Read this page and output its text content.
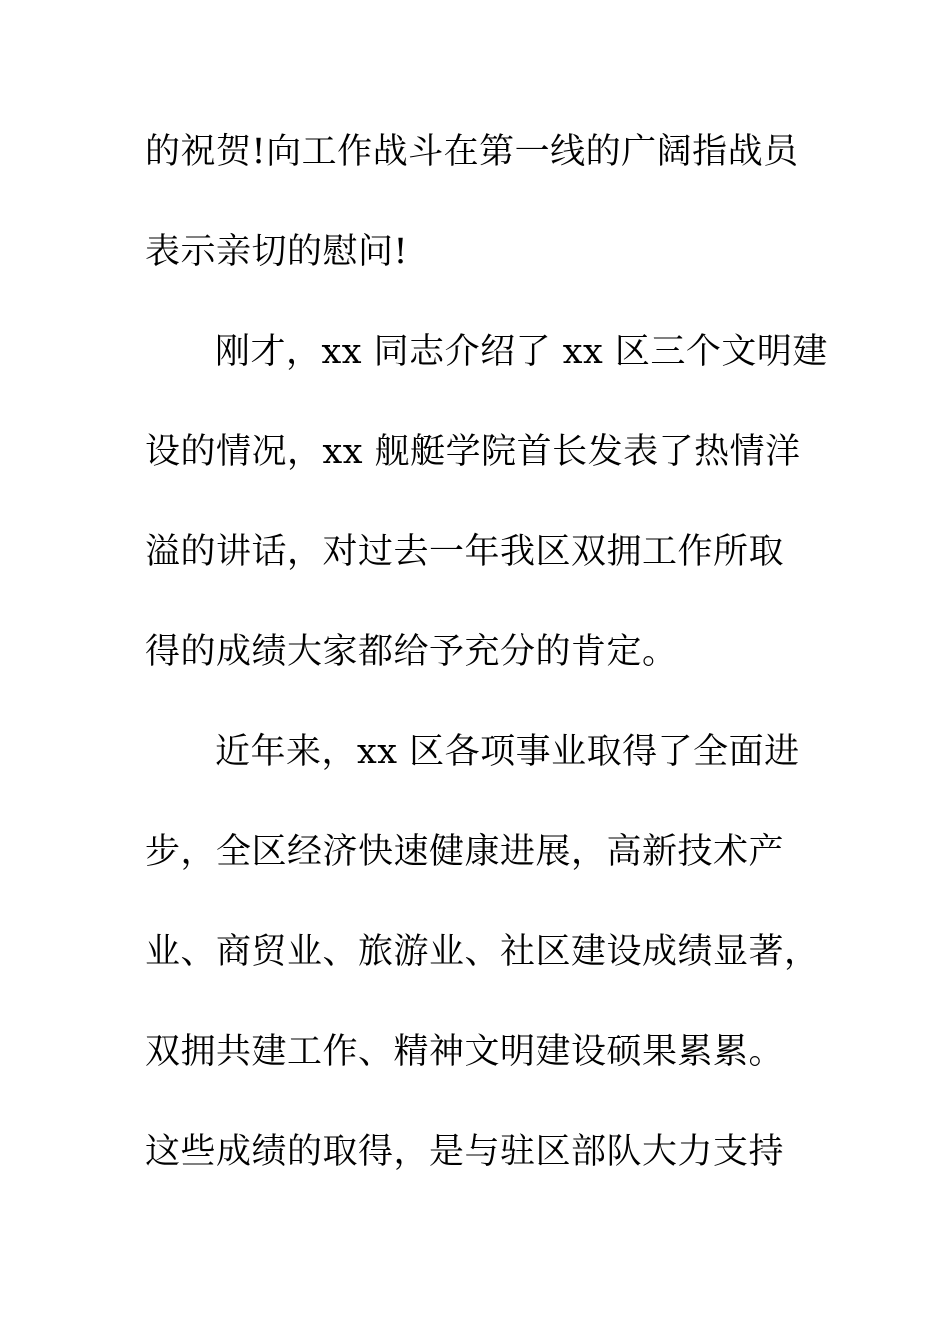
的祝贺!向工作战斗在第一线的广阔指战员
表示亲切的慰问!
刚才，xx 同志介绍了 xx 区三个文明建
设的情况，xx 舰艇学院首长发表了热情洋
溢的讲话，对过去一年我区双拥工作所取
得的成绩大家都给予充分的肯定。
近年来，xx 区各项事业取得了全面进
步，全区经济快速健康进展，高新技术产
业、商贸业、旅游业、社区建设成绩显著，
双拥共建工作、精神文明建设硕果累累。
这些成绩的取得，是与驻区部队大力支持
